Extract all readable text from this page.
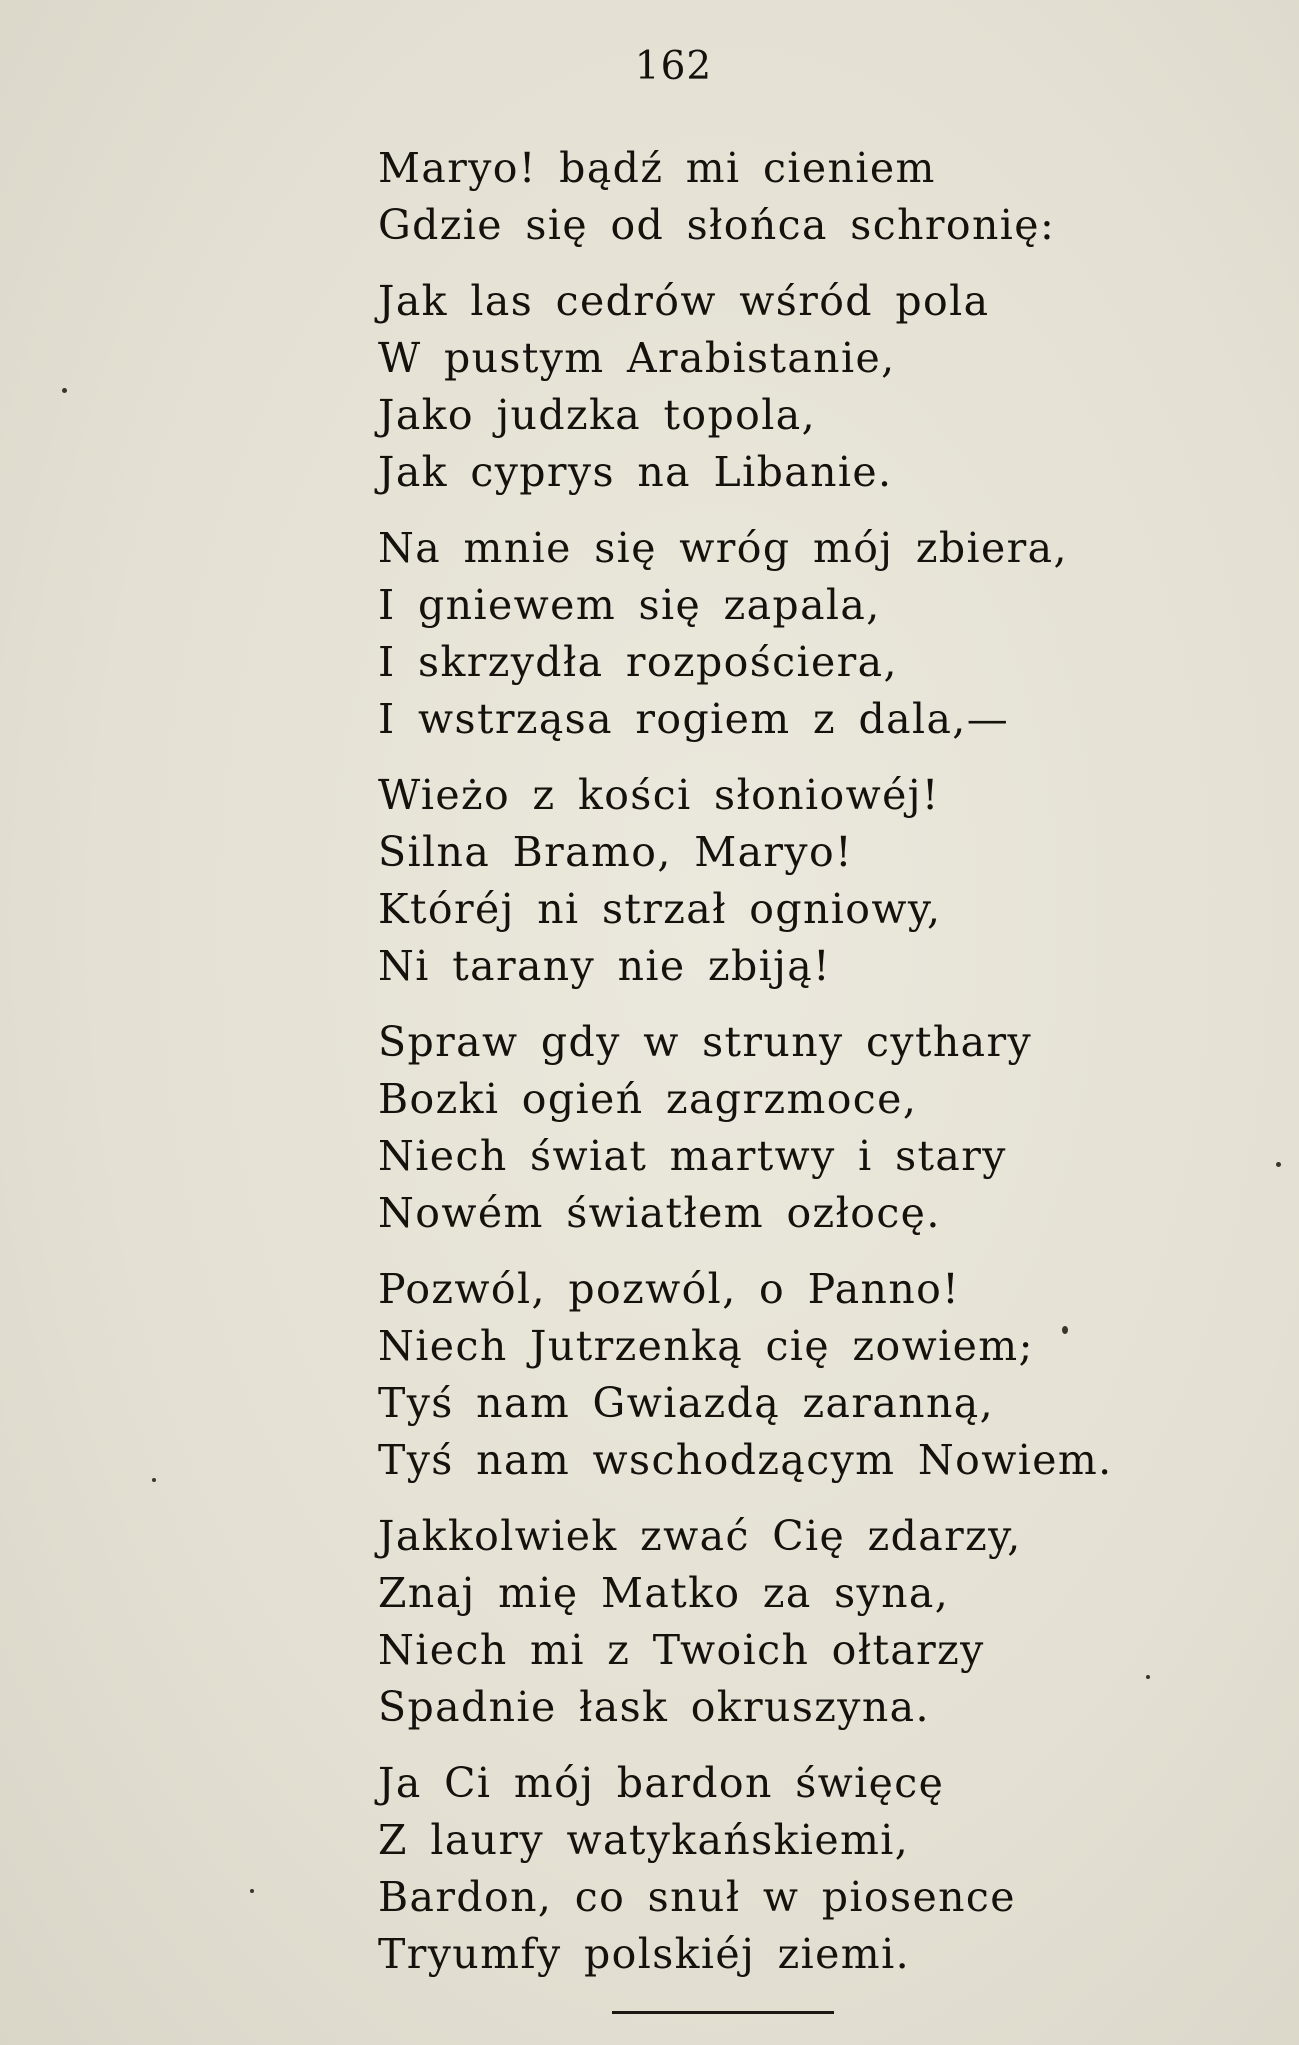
162
Maryo! bądź mi cieniem
Gdzie się od słońca schronię:
Jak las cedrów wśród pola
W pustym Arabistanie,
Jako judzka topola,
Jak cyprys na Libanie.
Na mnie się wróg mój zbiera,
I gniewem się zapala,
I skrzydła rozpościera,
I wstrząsa rogiem z dala,—
Wieżo z kości słoniowéj!
Silna Bramo, Maryo!
Któréj ni strzał ogniowy,
Ni tarany nie zbiją!
Spraw gdy w struny cythary
Bozki ogień zagrzmoce,
Niech świat martwy i stary
Nowém światłem ozłocę.
Pozwól, pozwól, o Panno!
Niech Jutrzenką cię zowiem;
Tyś nam Gwiazdą zaranną,
Tyś nam wschodzącym Nowiem.
Jakkolwiek zwać Cię zdarzy,
Znaj mię Matko za syna,
Niech mi z Twoich ołtarzy
Spadnie łask okruszyna.
Ja Ci mój bardon święcę
Z laury watykańskiemi,
Bardon, co snuł w piosence
Tryumfy polskiéj ziemi.
